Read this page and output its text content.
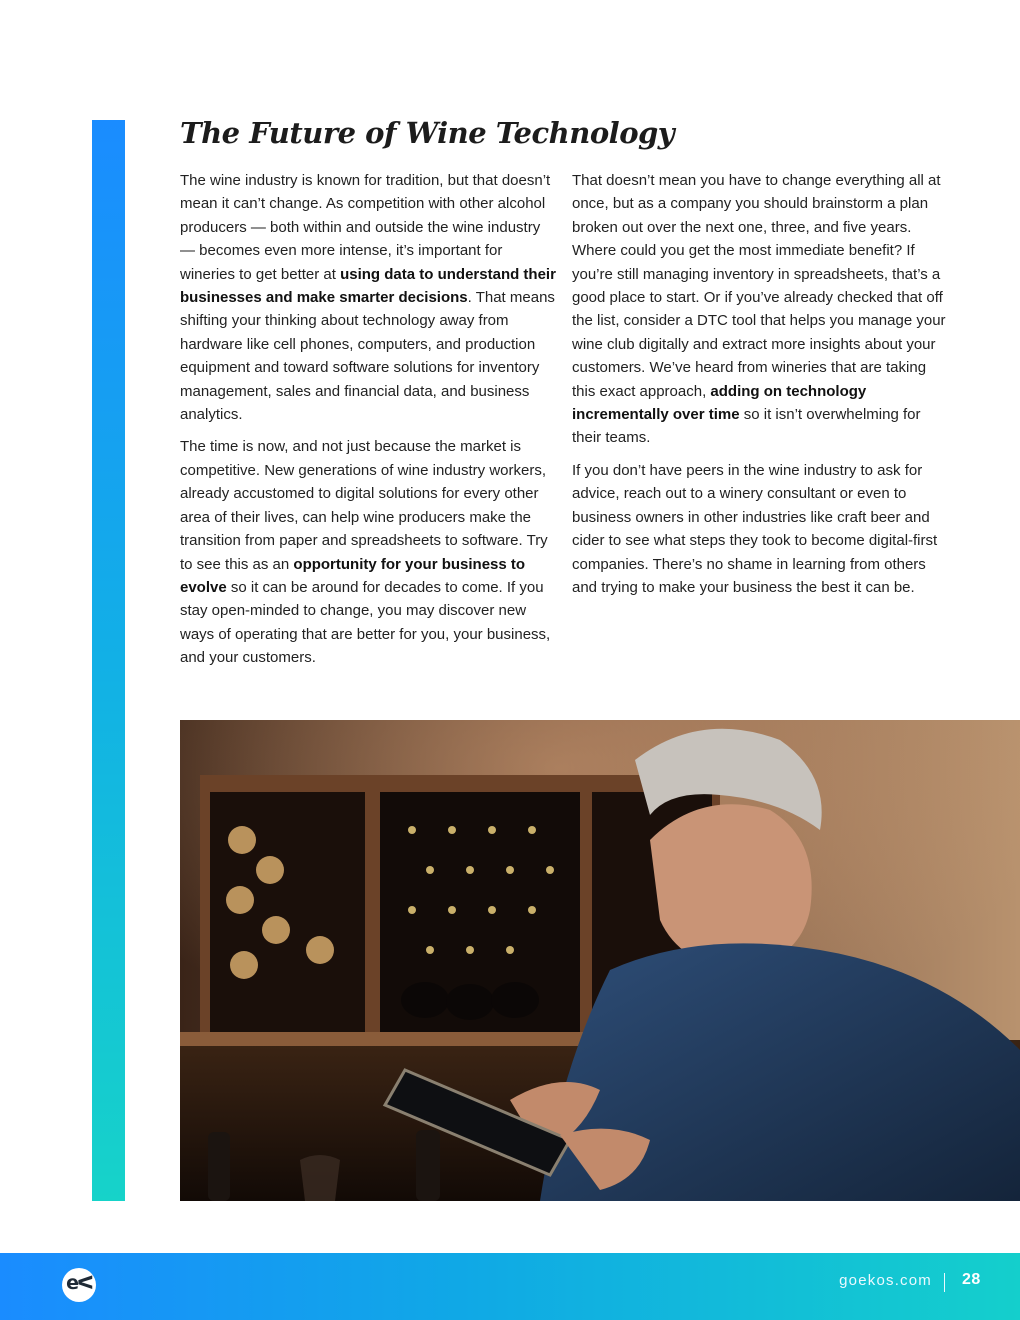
The Future of Wine Technology

The wine industry is known for tradition, but that doesn’t mean it can’t change. As competition with other alcohol producers — both within and outside the wine industry — becomes even more intense, it’s important for wineries to get better at using data to understand their businesses and make smarter decisions. That means shifting your thinking about technology away from hardware like cell phones, computers, and production equipment and toward software solutions for inventory management, sales and financial data, and business analytics.

The time is now, and not just because the market is competitive. New generations of wine industry workers, already accustomed to digital solutions for every other area of their lives, can help wine producers make the transition from paper and spreadsheets to software. Try to see this as an opportunity for your business to evolve so it can be around for decades to come. If you stay open-minded to change, you may discover new ways of operating that are better for you, your business, and your customers.

That doesn’t mean you have to change everything all at once, but as a company you should brainstorm a plan broken out over the next one, three, and five years. Where could you get the most immediate benefit? If you’re still managing inventory in spreadsheets, that’s a good place to start. Or if you’ve already checked that off the list, consider a DTC tool that helps you manage your wine club digitally and extract more insights about your customers. We’ve heard from wineries that are taking this exact approach, adding on technology incrementally over time so it isn’t overwhelming for their teams.

If you don’t have peers in the wine industry to ask for advice, reach out to a winery consultant or even to business owners in other industries like craft beer and cider to see what steps they took to become digital-first companies. There’s no shame in learning from others and trying to make your business the best it can be.

eᐸ	goekos.com 28
